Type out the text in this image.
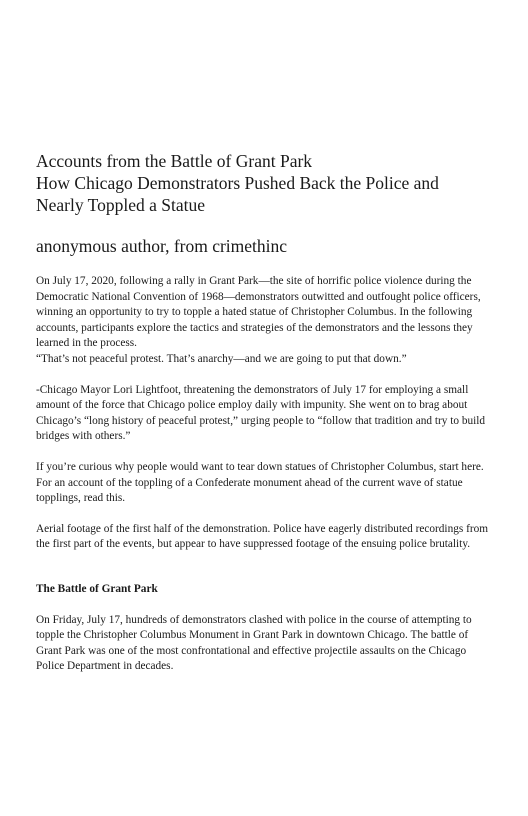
Accounts from the Battle of Grant Park
How Chicago Demonstrators Pushed Back the Police and
Nearly Toppled a Statue
anonymous author, from crimethinc

On July 17, 2020, following a rally in Grant Park—the site of horrific police violence during the Democratic National Convention of 1968—demonstrators outwitted and outfought police officers, winning an opportunity to try to topple a hated statue of Christopher Columbus. In the following accounts, participants explore the tactics and strategies of the demonstrators and the lessons they learned in the process.

“That’s not peaceful protest. That’s anarchy—and we are going to put that down.”

-Chicago Mayor Lori Lightfoot, threatening the demonstrators of July 17 for employing a small amount of the force that Chicago police employ daily with impunity. She went on to brag about Chicago’s “long history of peaceful protest,” urging people to “follow that tradition and try to build bridges with others.”

If you’re curious why people would want to tear down statues of Christopher Columbus, start here. For an account of the toppling of a Confederate monument ahead of the current wave of statue topplings, read this.

Aerial footage of the first half of the demonstration. Police have eagerly distributed recordings from the first part of the events, but appear to have suppressed footage of the ensuing police brutality.

The Battle of Grant Park

On Friday, July 17, hundreds of demonstrators clashed with police in the course of attempting to topple the Christopher Columbus Monument in Grant Park in downtown Chicago. The battle of Grant Park was one of the most confrontational and effective projectile assaults on the Chicago Police Department in decades.
